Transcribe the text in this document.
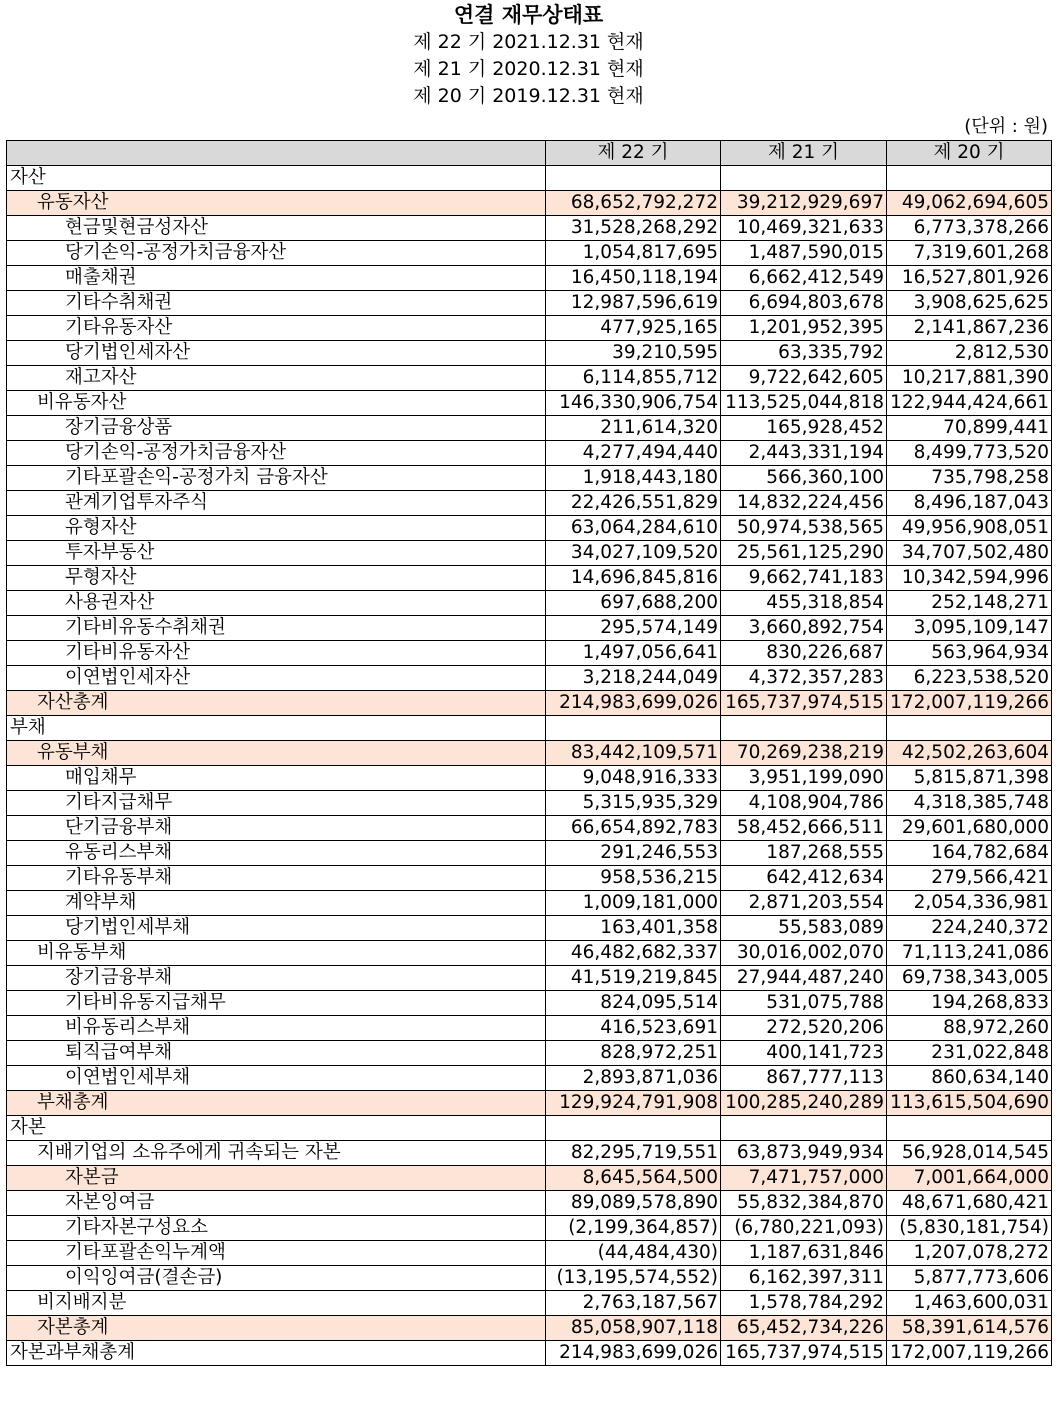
연결 재무상태표
제 22 기 2021.12.31 현재
제 21 기 2020.12.31 현재
제 20 기 2019.12.31 현재
(단위 : 원)
	제 22 기	제 21 기	제 20 기
자산			
유동자산	68,652,792,272	39,212,929,697	49,062,694,605
현금및현금성자산	31,528,268,292	10,469,321,633	6,773,378,266
당기손익-공정가치금융자산	1,054,817,695	1,487,590,015	7,319,601,268
매출채권	16,450,118,194	6,662,412,549	16,527,801,926
기타수취채권	12,987,596,619	6,694,803,678	3,908,625,625
기타유동자산	477,925,165	1,201,952,395	2,141,867,236
당기법인세자산	39,210,595	63,335,792	2,812,530
재고자산	6,114,855,712	9,722,642,605	10,217,881,390
비유동자산	146,330,906,754	113,525,044,818	122,944,424,661
장기금융상품	211,614,320	165,928,452	70,899,441
당기손익-공정가치금융자산	4,277,494,440	2,443,331,194	8,499,773,520
기타포괄손익-공정가치 금융자산	1,918,443,180	566,360,100	735,798,258
관계기업투자주식	22,426,551,829	14,832,224,456	8,496,187,043
유형자산	63,064,284,610	50,974,538,565	49,956,908,051
투자부동산	34,027,109,520	25,561,125,290	34,707,502,480
무형자산	14,696,845,816	9,662,741,183	10,342,594,996
사용권자산	697,688,200	455,318,854	252,148,271
기타비유동수취채권	295,574,149	3,660,892,754	3,095,109,147
기타비유동자산	1,497,056,641	830,226,687	563,964,934
이연법인세자산	3,218,244,049	4,372,357,283	6,223,538,520
자산총계	214,983,699,026	165,737,974,515	172,007,119,266
부채			
유동부채	83,442,109,571	70,269,238,219	42,502,263,604
매입채무	9,048,916,333	3,951,199,090	5,815,871,398
기타지급채무	5,315,935,329	4,108,904,786	4,318,385,748
단기금융부채	66,654,892,783	58,452,666,511	29,601,680,000
유동리스부채	291,246,553	187,268,555	164,782,684
기타유동부채	958,536,215	642,412,634	279,566,421
계약부채	1,009,181,000	2,871,203,554	2,054,336,981
당기법인세부채	163,401,358	55,583,089	224,240,372
비유동부채	46,482,682,337	30,016,002,070	71,113,241,086
장기금융부채	41,519,219,845	27,944,487,240	69,738,343,005
기타비유동지급채무	824,095,514	531,075,788	194,268,833
비유동리스부채	416,523,691	272,520,206	88,972,260
퇴직급여부채	828,972,251	400,141,723	231,022,848
이연법인세부채	2,893,871,036	867,777,113	860,634,140
부채총계	129,924,791,908	100,285,240,289	113,615,504,690
자본			
지배기업의 소유주에게 귀속되는 자본	82,295,719,551	63,873,949,934	56,928,014,545
자본금	8,645,564,500	7,471,757,000	7,001,664,000
자본잉여금	89,089,578,890	55,832,384,870	48,671,680,421
기타자본구성요소	(2,199,364,857)	(6,780,221,093)	(5,830,181,754)
기타포괄손익누계액	(44,484,430)	1,187,631,846	1,207,078,272
이익잉여금(결손금)	(13,195,574,552)	6,162,397,311	5,877,773,606
비지배지분	2,763,187,567	1,578,784,292	1,463,600,031
자본총계	85,058,907,118	65,452,734,226	58,391,614,576
자본과부채총계	214,983,699,026	165,737,974,515	172,007,119,266
